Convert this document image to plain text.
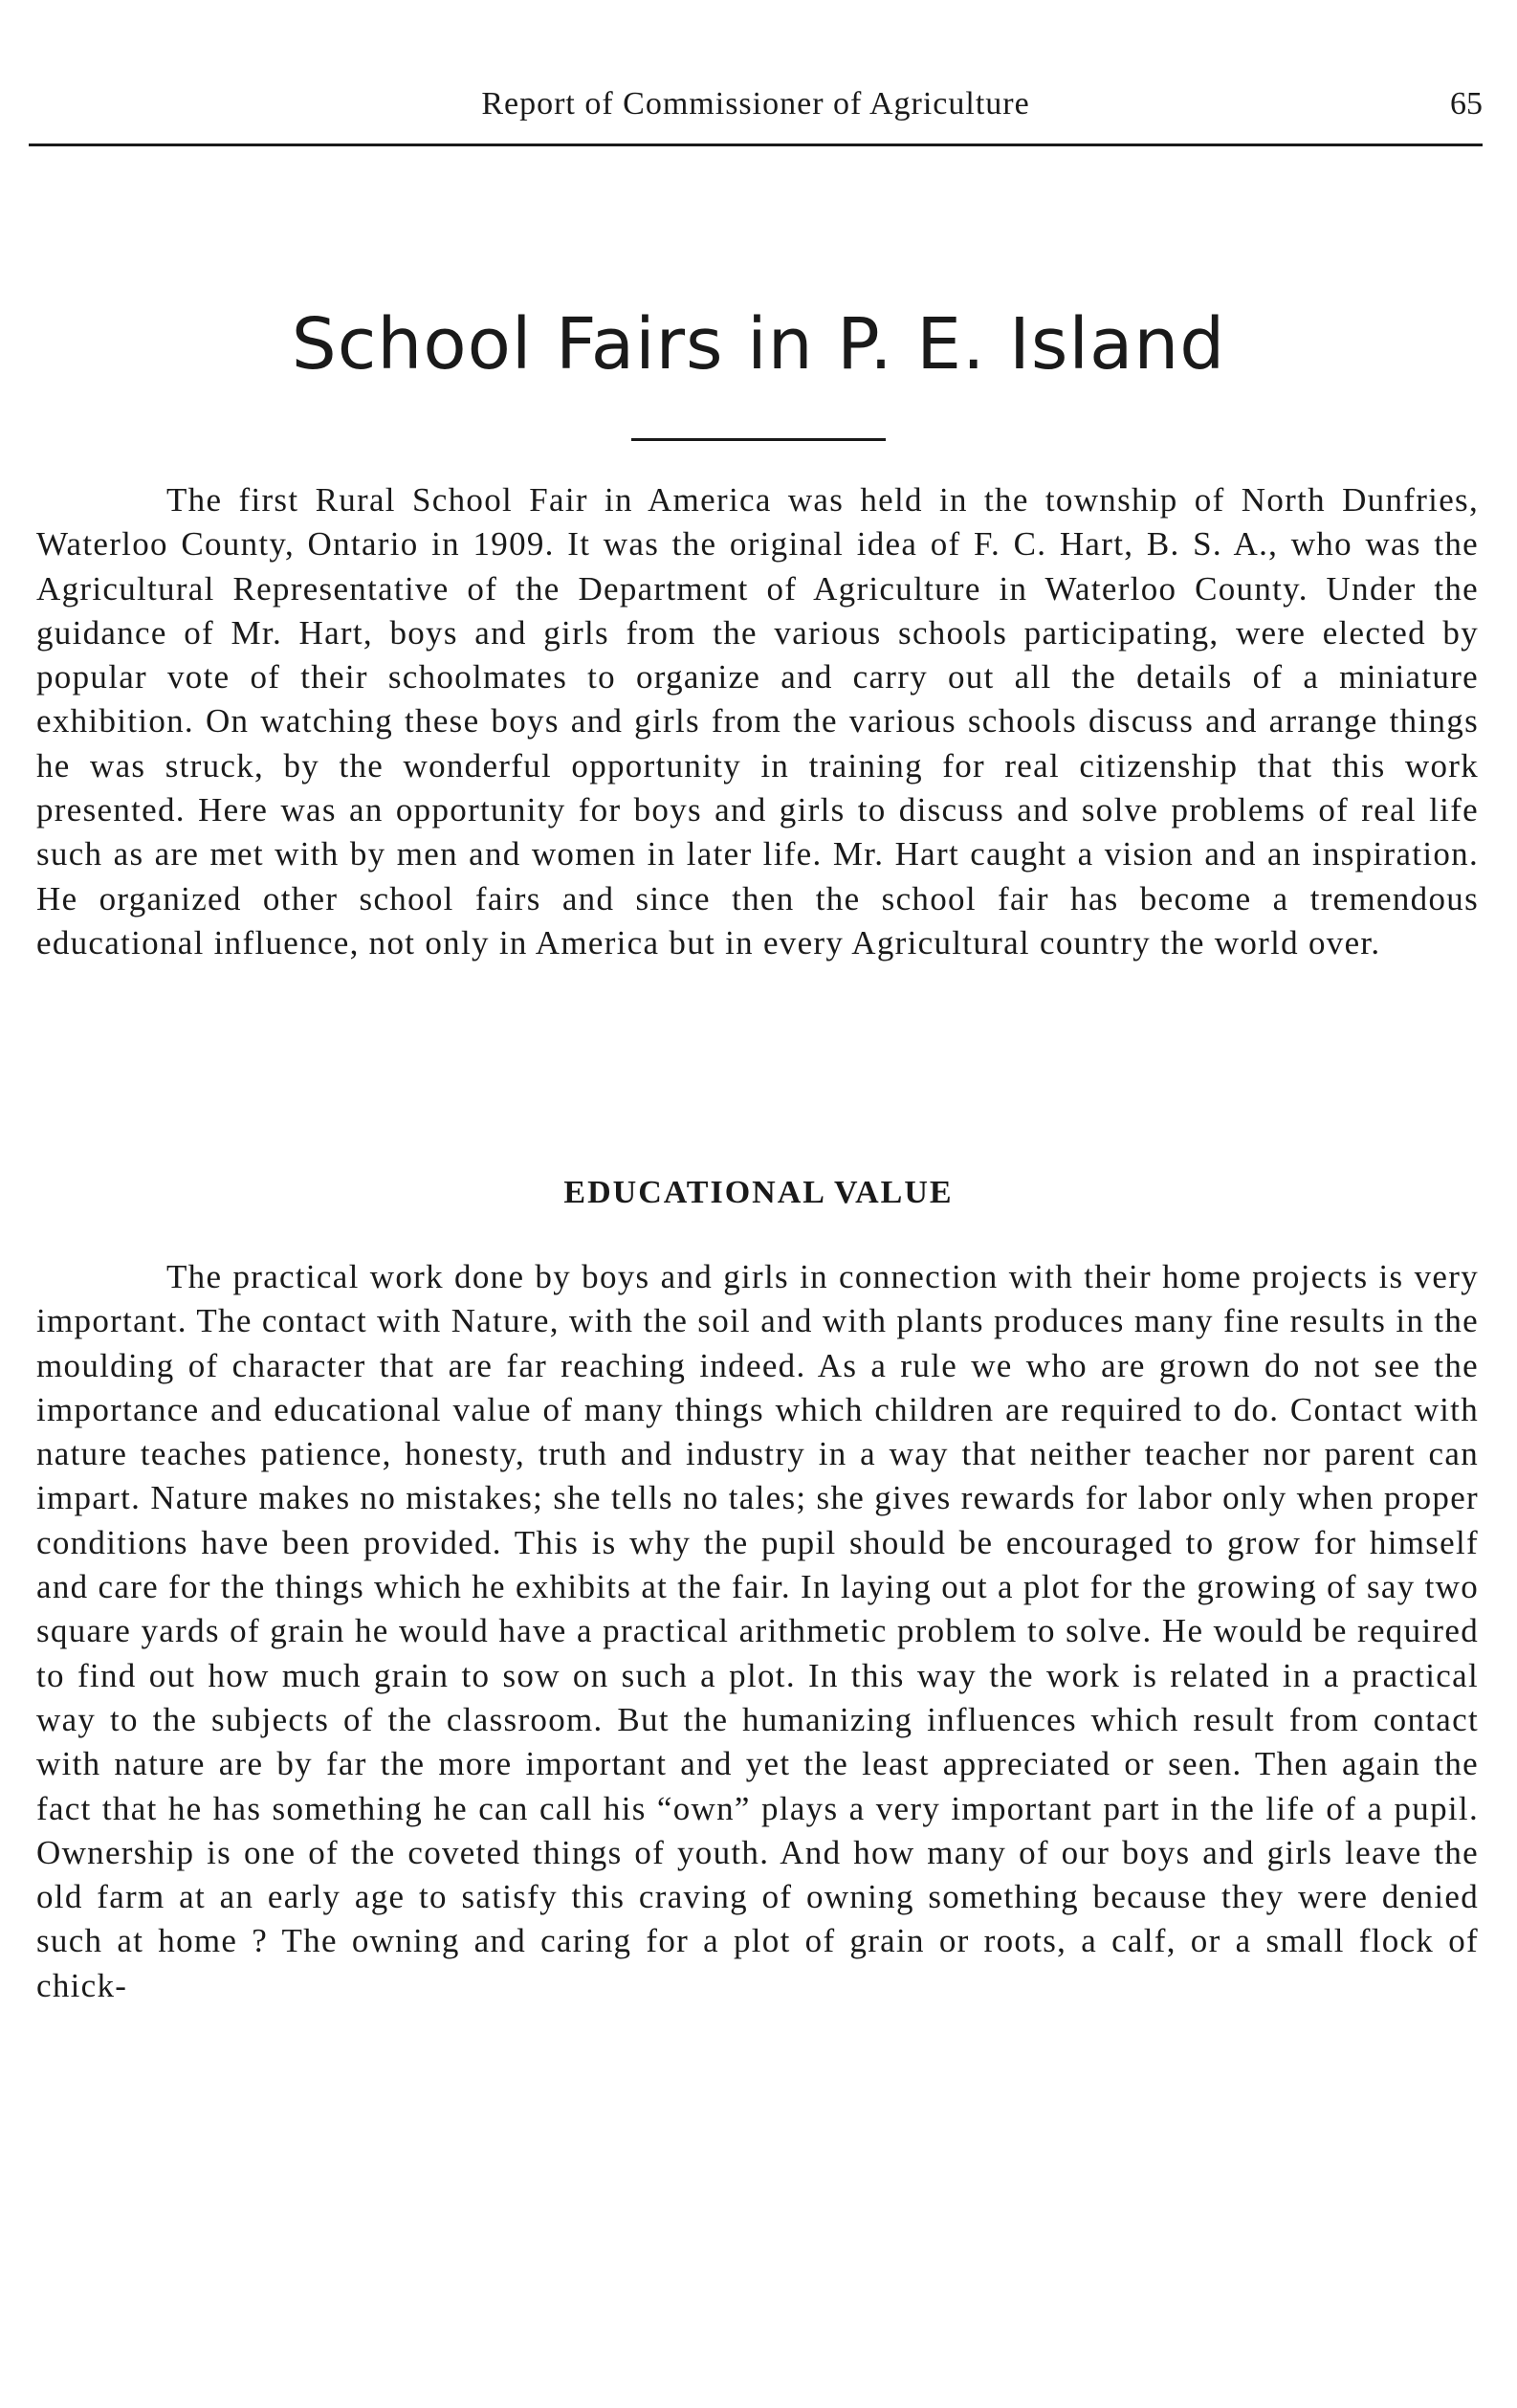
Report of Commissioner of Agriculture	65
School Fairs in P. E. Island

The first Rural School Fair in America was held in the township of North Dunfries, Waterloo County, Ontario in 1909. It was the original idea of F. C. Hart, B. S. A., who was the Agricultural Representative of the Department of Agriculture in Waterloo County. Under the guidance of Mr. Hart, boys and girls from the various schools participating, were elected by popular vote of their schoolmates to organize and carry out all the details of a miniature exhibition. On watching these boys and girls from the various schools discuss and arrange things he was struck, by the wonderful opportunity in training for real citizenship that this work presented. Here was an opportunity for boys and girls to discuss and solve problems of real life such as are met with by men and women in later life. Mr. Hart caught a vision and an inspiration. He organized other school fairs and since then the school fair has become a tremendous educational influence, not only in America but in every Agricultural country the world over.

EDUCATIONAL VALUE

The practical work done by boys and girls in connection with their home projects is very important. The contact with Nature, with the soil and with plants produces many fine results in the moulding of character that are far reaching indeed. As a rule we who are grown do not see the importance and educational value of many things which children are required to do. Contact with nature teaches patience, honesty, truth and industry in a way that neither teacher nor parent can impart. Nature makes no mistakes; she tells no tales; she gives rewards for labor only when proper conditions have been provided. This is why the pupil should be encouraged to grow for himself and care for the things which he exhibits at the fair. In laying out a plot for the growing of say two square yards of grain he would have a practical arithmetic problem to solve. He would be required to find out how much grain to sow on such a plot. In this way the work is related in a practical way to the subjects of the classroom. But the humanizing influences which result from contact with nature are by far the more important and yet the least appreciated or seen. Then again the fact that he has something he can call his “own” plays a very important part in the life of a pupil. Ownership is one of the coveted things of youth. And how many of our boys and girls leave the old farm at an early age to satisfy this craving of owning something because they were denied such at home ? The owning and caring for a plot of grain or roots, a calf, or a small flock of chick-
